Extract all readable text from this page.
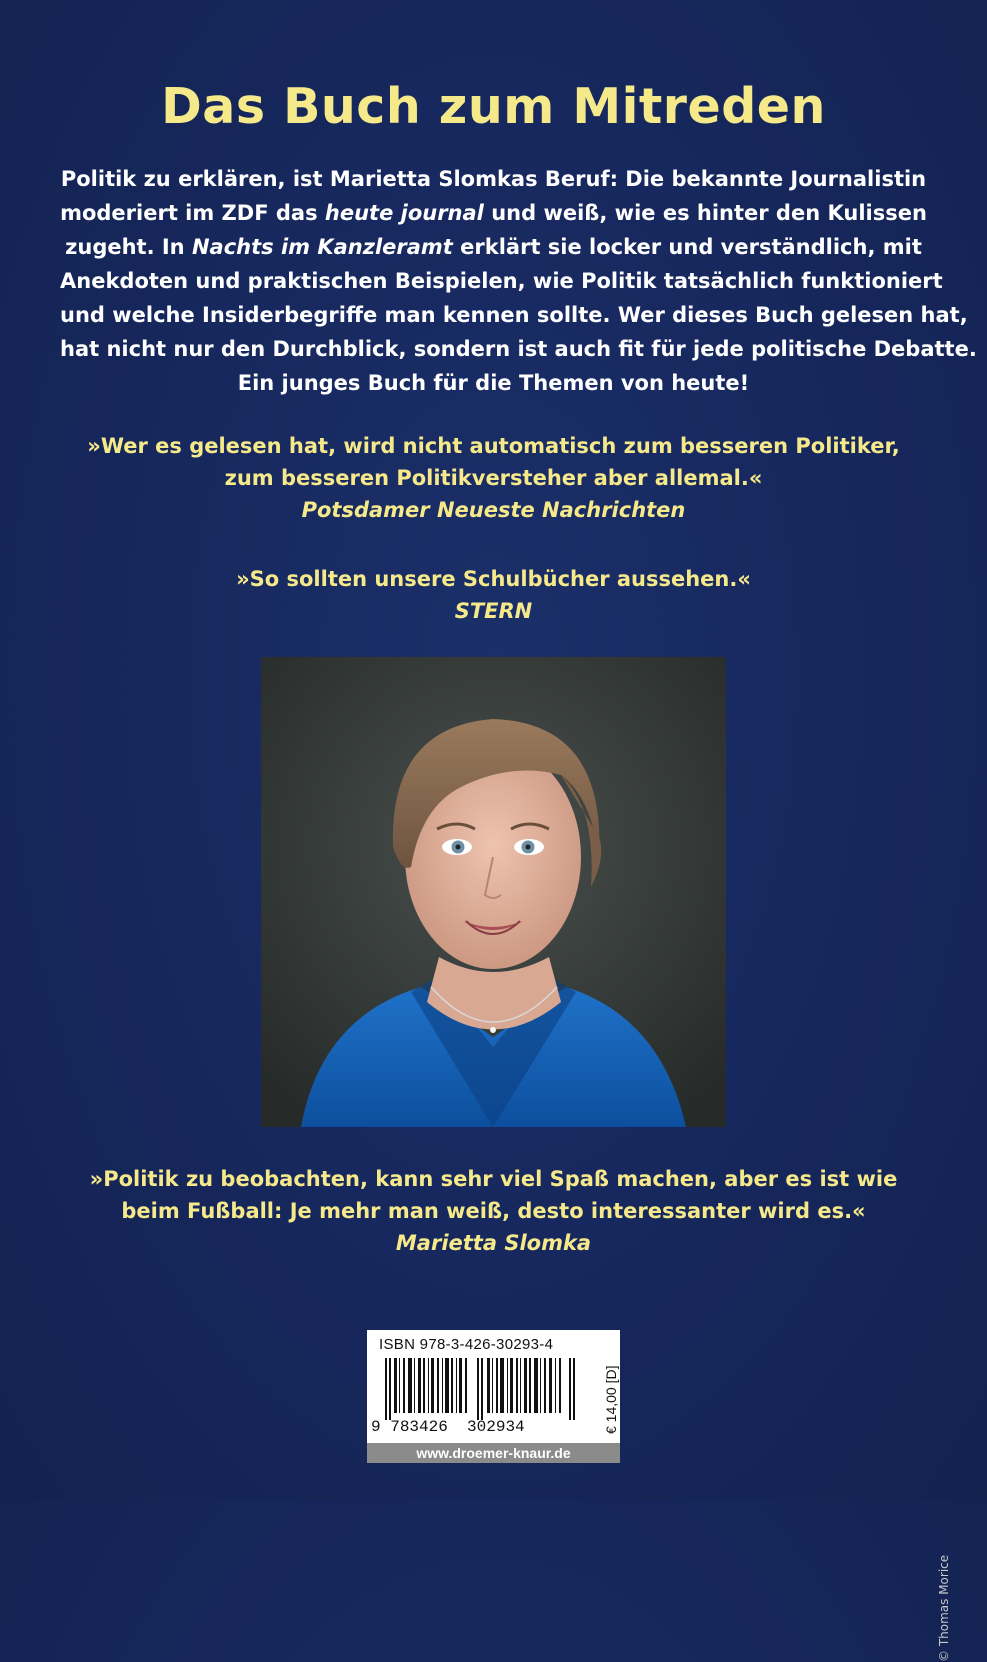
Das Buch zum Mitreden
Politik zu erklären, ist Marietta Slomkas Beruf: Die bekannte Journalistin
moderiert im ZDF das heute journal und weiß, wie es hinter den Kulissen
zugeht. In Nachts im Kanzleramt erklärt sie locker und verständlich, mit
Anekdoten und praktischen Beispielen, wie Politik tatsächlich funktioniert
und welche Insiderbegriffe man kennen sollte. Wer dieses Buch gelesen hat,
hat nicht nur den Durchblick, sondern ist auch fit für jede politische Debatte.
Ein junges Buch für die Themen von heute!
»Wer es gelesen hat, wird nicht automatisch zum besseren Politiker,
zum besseren Politikversteher aber allemal.«
Potsdamer Neueste Nachrichten
»So sollten unsere Schulbücher aussehen.«
STERN
© Thomas Morice
»Politik zu beobachten, kann sehr viel Spaß machen, aber es ist wie
beim Fußball: Je mehr man weiß, desto interessanter wird es.«
Marietta Slomka
ISBN 978-3-426-30293-4
9 783426 302934	€ 14,00 [D]
www.droemer-knaur.de
